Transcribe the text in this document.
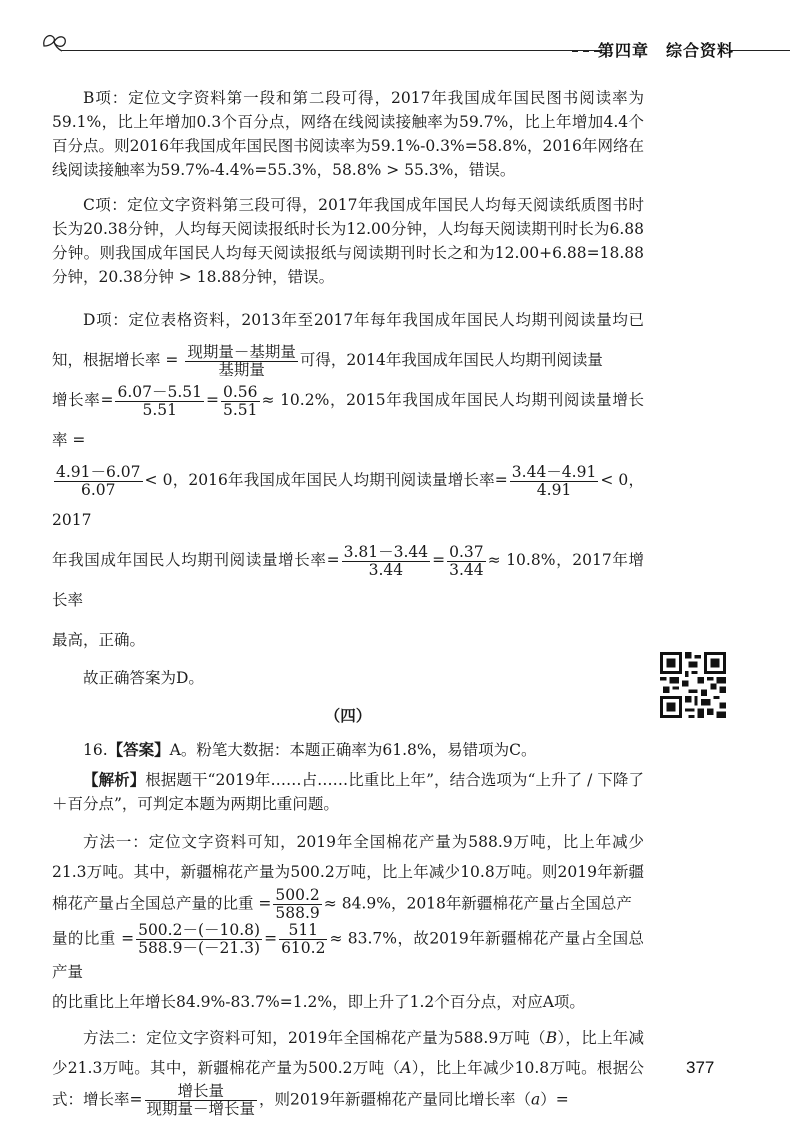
第四章　综合资料

B项：定位文字资料第一段和第二段可得，2017年我国成年国民图书阅读率为59.1%，比上年增加0.3个百分点，网络在线阅读接触率为59.7%，比上年增加4.4个百分点。则2016年我国成年国民图书阅读率为59.1%-0.3%=58.8%，2016年网络在线阅读接触率为59.7%-4.4%=55.3%，58.8% > 55.3%，错误。

C项：定位文字资料第三段可得，2017年我国成年国民人均每天阅读纸质图书时长为20.38分钟，人均每天阅读报纸时长为12.00分钟，人均每天阅读期刊时长为6.88分钟。则我国成年国民人均每天阅读报纸与阅读期刊时长之和为12.00+6.88=18.88分钟，20.38分钟 > 18.88分钟，错误。

D项：定位表格资料，2013年至2017年每年我国成年国民人均期刊阅读量均已知，根据增长率 = $\frac{\text{现期量－基期量}}{\text{基期量}}$ 可得，2014年我国成年国民人均期刊阅读量
增长率= $\frac{6.07-5.51}{5.51} = \frac{0.56}{5.51} \approx 10.2\%$，2015年我国成年国民人均期刊阅读量增长率 =

$\frac{4.91-6.07}{6.07} < 0$，2016年我国成年国民人均期刊阅读量增长率= $\frac{3.44-4.91}{4.91} < 0$，2017
年我国成年国民人均期刊阅读量增长率= $\frac{3.81-3.44}{3.44} = \frac{0.37}{3.44} \approx 10.8\%$，2017年增长率
最高，正确。

故正确答案为D。

（四）

16.【答案】A。粉笔大数据：本题正确率为61.8%，易错项为C。

【解析】根据题干“2019年……占……比重比上年”，结合选项为“上升了 / 下降了＋百分点”，可判定本题为两期比重问题。

方法一：定位文字资料可知，2019年全国棉花产量为588.9万吨，比上年减少21.3万吨。其中，新疆棉花产量为500.2万吨，比上年减少10.8万吨。则2019年新疆棉花产量占全国总产量的比重 = $\frac{500.2}{588.9} \approx 84.9\%$，2018年新疆棉花产量占全国总产
量的比重 = $\frac{500.2-(-10.8)}{588.9-(-21.3)} = \frac{511}{610.2} \approx 83.7\%$，故2019年新疆棉花产量占全国总产量
的比重比上年增长84.9%-83.7%=1.2%，即上升了1.2个百分点，对应A项。
方法二：定位文字资料可知，2019年全国棉花产量为588.9万吨（B），比上年减少21.3万吨。其中，新疆棉花产量为500.2万吨（A），比上年减少10.8万吨。根据公式：增长率= $\frac{\text{增长量}}{\text{现期量－增长量}}$ ，则2019年新疆棉花产量同比增长率（a）=
377
